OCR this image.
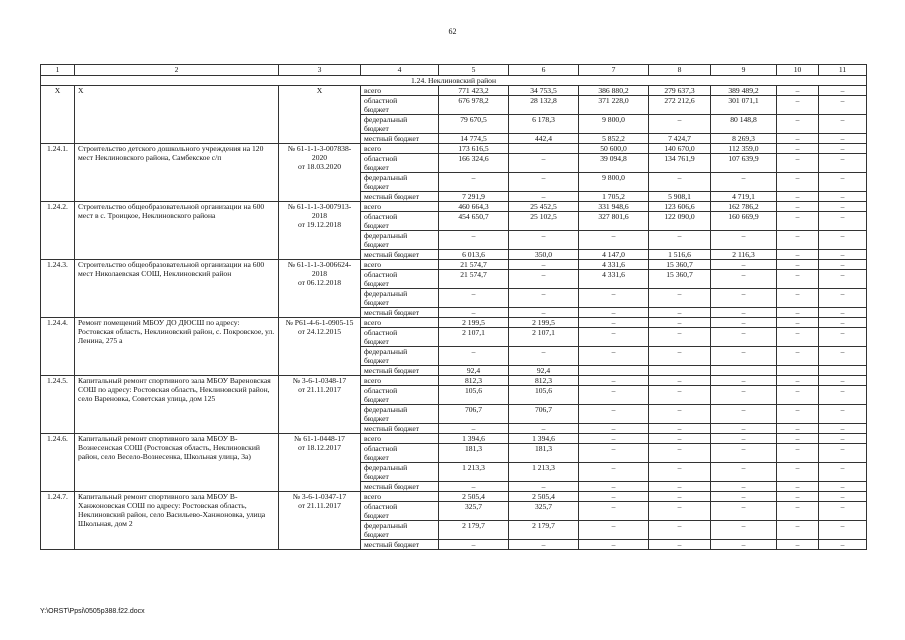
62
1	2	3	4	5	6	7	8	9	10	11
1.24. Неклиновский район										
X	X	X	всего	771 423,2	34 753,5	386 880,2	279 637,3	389 489,2	–	–
			областной
бюджет	676 978,2	28 132,8	371 228,0	272 212,6	301 071,1	–	–
			федеральный
бюджет	79 670,5	6 178,3	9 800,0	–	80 148,8	–	–
			местный бюджет	14 774,5	442,4	5 852,2	7 424,7	8 269,3	–	–
1.24.1.	Строительство детского дошкольного учреждения на 120 мест Неклиновского района, Самбекское с/п	№ 61-1-1-3-007838-2020
от 18.03.2020	всего	173 616,5		50 600,0	140 670,0	112 359,0	–	–
			областной
бюджет	166 324,6	–	39 094,8	134 761,9	107 639,9	–	–
			федеральный
бюджет	–	–	9 800,0	–	–	–	–
			местный бюджет	7 291,9	–	1 705,2	5 908,1	4 719,1	–	–
1.24.2.	Строительство общеобразовательной организации на 600 мест в с. Троицкое, Неклиновского района	№ 61-1-1-3-007913-2018
от 19.12.2018	всего	460 664,3	25 452,5	331 948,6	123 606,6	162 786,2	–	–
			областной
бюджет	454 650,7	25 102,5	327 801,6	122 090,0	160 669,9	–	–
			федеральный
бюджет	–	–	–	–	–	–	–
			местный бюджет	6 013,6	350,0	4 147,0	1 516,6	2 116,3	–	–
1.24.3.	Строительство общеобразовательной организации на 600 мест Николаевская СОШ, Неклиновский район	№ 61-1-1-3-006624-2018
от 06.12.2018	всего	21 574,7	–	4 331,6	15 360,7	–	–	–
			областной
бюджет	21 574,7	–	4 331,6	15 360,7	–	–	–
			федеральный
бюджет	–	–	–	–	–	–	–
			местный бюджет	–	–	–	–	–	–	–
1.24.4.	Ремонт помещений МБОУ ДО ДЮСШ по адресу: Ростовская область, Неклиновский район, с. Покровское, ул. Ленина, 275 а	№ Р61-4-6-1-0905-15
от 24.12.2015	всего	2 199,5	2 199,5	–	–	–	–	–
			областной
бюджет	2 107,1	2 107,1	–	–	–	–	–
			федеральный
бюджет	–	–	–	–	–	–	–
			местный бюджет	92,4	92,4					
1.24.5.	Капитальный ремонт спортивного зала МБОУ Вареновская СОШ по адресу: Ростовская область, Неклиновский район, село Вареновка, Советская улица, дом 125	№ 3-6-1-0348-17
от 21.11.2017	всего	812,3	812,3	–	–	–	–	–
			областной
бюджет	105,6	105,6	–	–	–	–	–
			федеральный
бюджет	706,7	706,7	–	–	–	–	–
			местный бюджет	–	–	–	–	–	–	–
1.24.6.	Капитальный ремонт спортивного зала МБОУ В-Вознесенская СОШ (Ростовская область, Неклиновский район, село Весело-Вознесенка, Школьная улица, 3а)	№ 61-1-0448-17
от 18.12.2017	всего	1 394,6	1 394,6	–	–	–	–	–
			областной
бюджет	181,3	181,3	–	–	–	–	–
			федеральный
бюджет	1 213,3	1 213,3	–	–	–	–	–
			местный бюджет	–	–	–	–	–	–	–
1.24.7.	Капитальный ремонт спортивного зала МБОУ В-Ханжоновская СОШ по адресу: Ростовская область, Неклиновский район, село Васильево-Ханжоновка, улица Школьная, дом 2	№ 3-6-1-0347-17
от 21.11.2017	всего	2 505,4	2 505,4	–	–	–	–	–
			областной
бюджет	325,7	325,7	–	–	–	–	–
			федеральный
бюджет	2 179,7	2 179,7	–	–	–	–	–
			местный бюджет	–	–	–	–	–	–	–
Y:\ORST\Ppsi\0505p388.f22.docx
